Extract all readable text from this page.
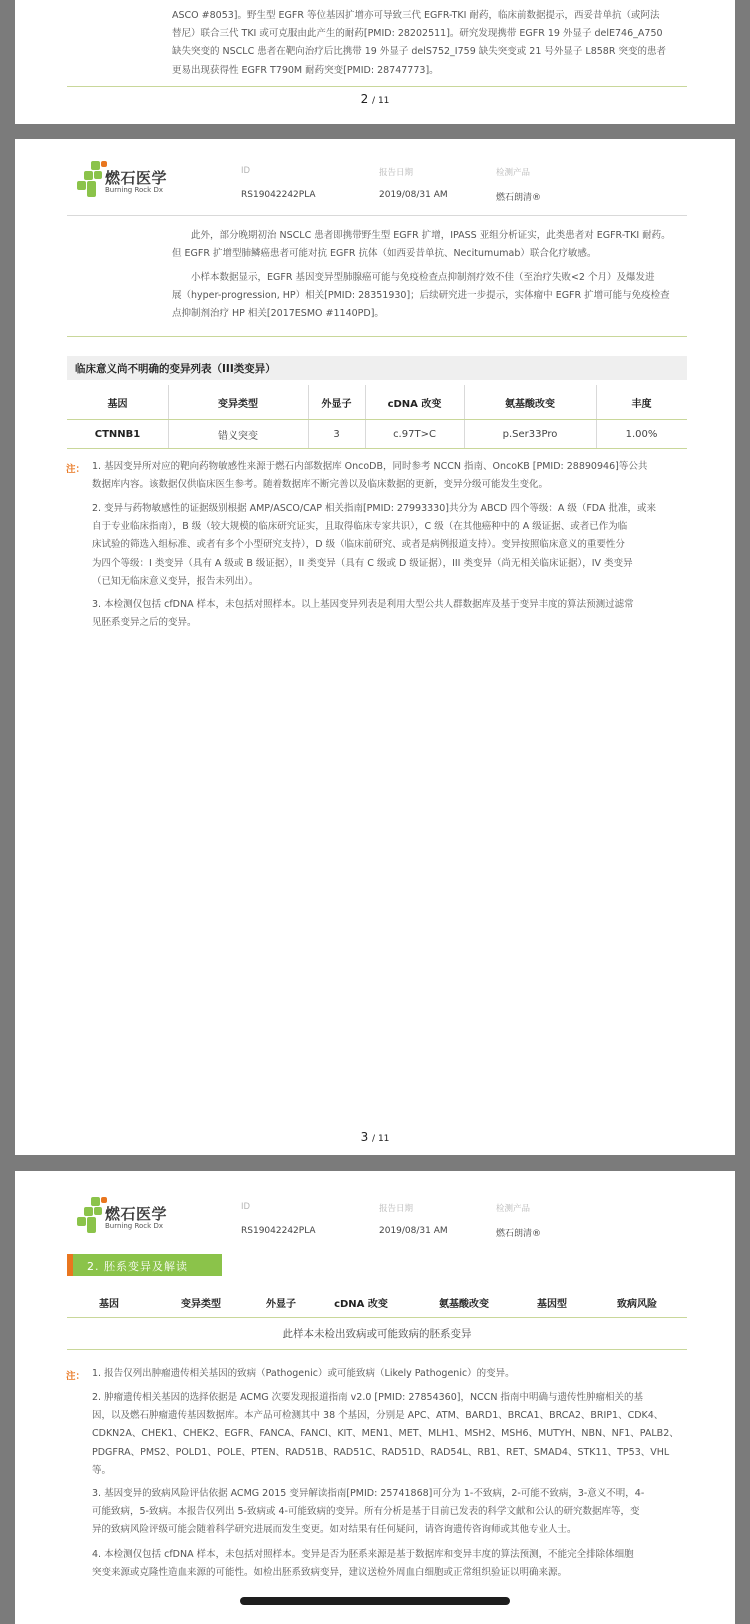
ASCO #8053]。野生型 EGFR 等位基因扩增亦可导致三代 EGFR-TKI 耐药，临床前数据提示，西妥昔单抗（或阿法
替尼）联合三代 TKI 或可克服由此产生的耐药[PMID: 28202511]。研究发现携带 EGFR 19 外显子 delE746_A750
缺失突变的 NSCLC 患者在靶向治疗后比携带 19 外显子 delS752_I759 缺失突变或 21 号外显子 L858R 突变的患者
更易出现获得性 EGFR T790M 耐药突变[PMID: 28747773]。
2 / 11
燃石医学
Burning Rock Dx
ID
RS19042242PLA
报告日期
2019/08/31 AM
检测产品
燃石朗清®
此外，部分晚期初治 NSCLC 患者即携带野生型 EGFR 扩增，IPASS 亚组分析证实，此类患者对 EGFR-TKI 耐药。
但 EGFR 扩增型肺鳞癌患者可能对抗 EGFR 抗体（如西妥昔单抗、Necitumumab）联合化疗敏感。
小样本数据显示，EGFR 基因变异型肺腺癌可能与免疫检查点抑制剂疗效不佳（至治疗失败<2 个月）及爆发进
展（hyper-progression, HP）相关[PMID: 28351930]；后续研究进一步提示，实体瘤中 EGFR 扩增可能与免疫检查
点抑制剂治疗 HP 相关[2017ESMO #1140PD]。
临床意义尚不明确的变异列表（III类变异）
基因	变异类型	外显子	cDNA 改变	氨基酸改变	丰度
CTNNB1	错义突变	3	c.97T>C	p.Ser33Pro	1.00%
注： 1. 基因变异所对应的靶向药物敏感性来源于燃石内部数据库 OncoDB，同时参考 NCCN 指南、OncoKB [PMID: 28890946]等公共
数据库内容。该数据仅供临床医生参考。随着数据库不断完善以及临床数据的更新，变异分级可能发生变化。
2. 变异与药物敏感性的证据级别根据 AMP/ASCO/CAP 相关指南[PMID: 27993330]共分为 ABCD 四个等级：A 级（FDA 批准，或来
自于专业临床指南），B 级（较大规模的临床研究证实，且取得临床专家共识），C 级（在其他癌种中的 A 级证据、或者已作为临
床试验的筛选入组标准、或者有多个小型研究支持），D 级（临床前研究、或者是病例报道支持）。变异按照临床意义的重要性分
为四个等级：I 类变异（具有 A 级或 B 级证据），II 类变异（具有 C 级或 D 级证据），III 类变异（尚无相关临床证据），IV 类变异
（已知无临床意义变异，报告未列出）。
3. 本检测仅包括 cfDNA 样本，未包括对照样本。以上基因变异列表是利用大型公共人群数据库及基于变异丰度的算法预测过滤常
见胚系变异之后的变异。
3 / 11
燃石医学
Burning Rock Dx
ID
RS19042242PLA
报告日期
2019/08/31 AM
检测产品
燃石朗清®
2. 胚系变异及解读
基因	变异类型	外显子	cDNA 改变	氨基酸改变	基因型	致病风险
此样本未检出致病或可能致病的胚系变异
注： 1. 报告仅列出肿瘤遗传相关基因的致病（Pathogenic）或可能致病（Likely Pathogenic）的变异。
2. 肿瘤遗传相关基因的选择依据是 ACMG 次要发现报道指南 v2.0 [PMID: 27854360]，NCCN 指南中明确与遗传性肿瘤相关的基
因，以及燃石肿瘤遗传基因数据库。本产品可检测其中 38 个基因，分别是 APC、ATM、BARD1、BRCA1、BRCA2、BRIP1、CDK4、
CDKN2A、CHEK1、CHEK2、EGFR、FANCA、FANCI、KIT、MEN1、MET、MLH1、MSH2、MSH6、MUTYH、NBN、NF1、PALB2、
PDGFRA、PMS2、POLD1、POLE、PTEN、RAD51B、RAD51C、RAD51D、RAD54L、RB1、RET、SMAD4、STK11、TP53、VHL
等。
3. 基因变异的致病风险评估依据 ACMG 2015 变异解读指南[PMID: 25741868]可分为 1-不致病，2-可能不致病，3-意义不明，4-
可能致病，5-致病。本报告仅列出 5-致病或 4-可能致病的变异。所有分析是基于目前已发表的科学文献和公认的研究数据库等，变
异的致病风险评级可能会随着科学研究进展而发生变更。如对结果有任何疑问，请咨询遗传咨询师或其他专业人士。
4. 本检测仅包括 cfDNA 样本，未包括对照样本。变异是否为胚系来源是基于数据库和变异丰度的算法预测，不能完全排除体细胞
突变来源或克隆性造血来源的可能性。如检出胚系致病变异，建议送检外周血白细胞或正常组织验证以明确来源。
